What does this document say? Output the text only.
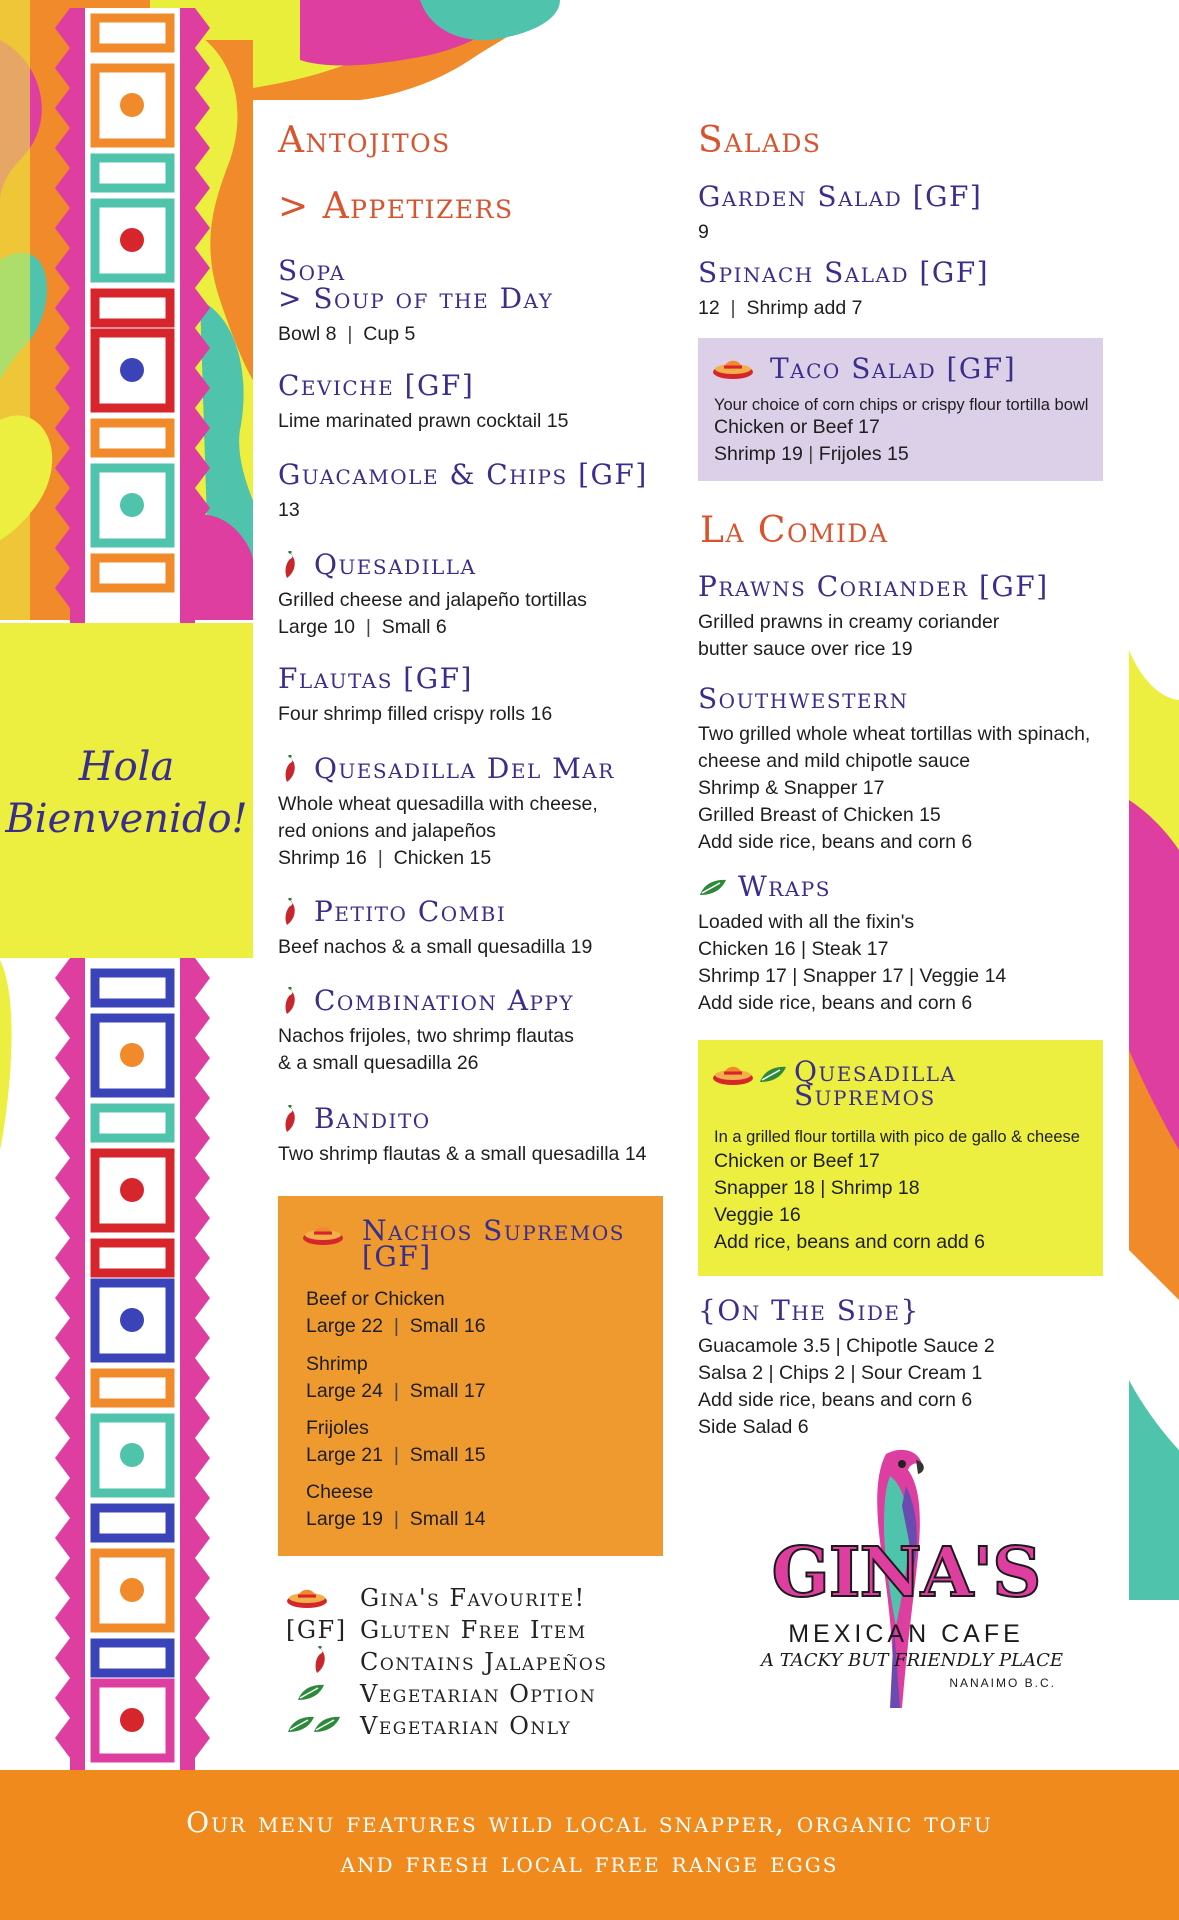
Hola
Bienvenido!
Antojitos
> Appetizers
Sopa
> Soup of the Day
Bowl 8  |  Cup 5
Ceviche [GF]
Lime marinated prawn cocktail 15
Guacamole & Chips [GF]
13
Quesadilla
Grilled cheese and jalapeño tortillas
Large 10  |  Small 6
Flautas [GF]
Four shrimp filled crispy rolls 16
Quesadilla Del Mar
Whole wheat quesadilla with cheese,
red onions and jalapeños
Shrimp 16  |  Chicken 15
Petito Combi
Beef nachos & a small quesadilla 19
Combination Appy
Nachos frijoles, two shrimp flautas
& a small quesadilla 26
Bandito
Two shrimp flautas & a small quesadilla 14
Nachos Supremos
[GF]
Beef or Chicken
Large 22  |  Small 16
Shrimp
Large 24  |  Small 17
Frijoles
Large 21  |  Small 15
Cheese
Large 19  |  Small 14
Gina's Favourite!
[GF] Gluten Free Item
Contains Jalapeños
Vegetarian Option
Vegetarian Only
Salads
Garden Salad [GF]
9
Spinach Salad [GF]
12  |  Shrimp add 7
Taco Salad [GF]
Your choice of corn chips or crispy flour tortilla bowl
Chicken or Beef 17
Shrimp 19 | Frijoles 15
La Comida
Prawns Coriander [GF]
Grilled prawns in creamy coriander
butter sauce over rice 19
Southwestern
Two grilled whole wheat tortillas with spinach,
cheese and mild chipotle sauce
Shrimp & Snapper 17
Grilled Breast of Chicken 15
Add side rice, beans and corn 6
Wraps
Loaded with all the fixin's
Chicken 16 | Steak 17
Shrimp 17 | Snapper 17 | Veggie 14
Add side rice, beans and corn 6
Quesadilla
Supremos
In a grilled flour tortilla with pico de gallo & cheese
Chicken or Beef 17
Snapper 18 | Shrimp 18
Veggie 16
Add rice, beans and corn add 6
{On The Side}
Guacamole 3.5 | Chipotle Sauce 2
Salsa 2 | Chips 2 | Sour Cream 1
Add side rice, beans and corn 6
Side Salad 6
GINA'S
MEXICAN CAFE
A TACKY BUT FRIENDLY PLACE
NANAIMO B.C.
Our menu features wild local snapper, organic tofu
and fresh local free range eggs
